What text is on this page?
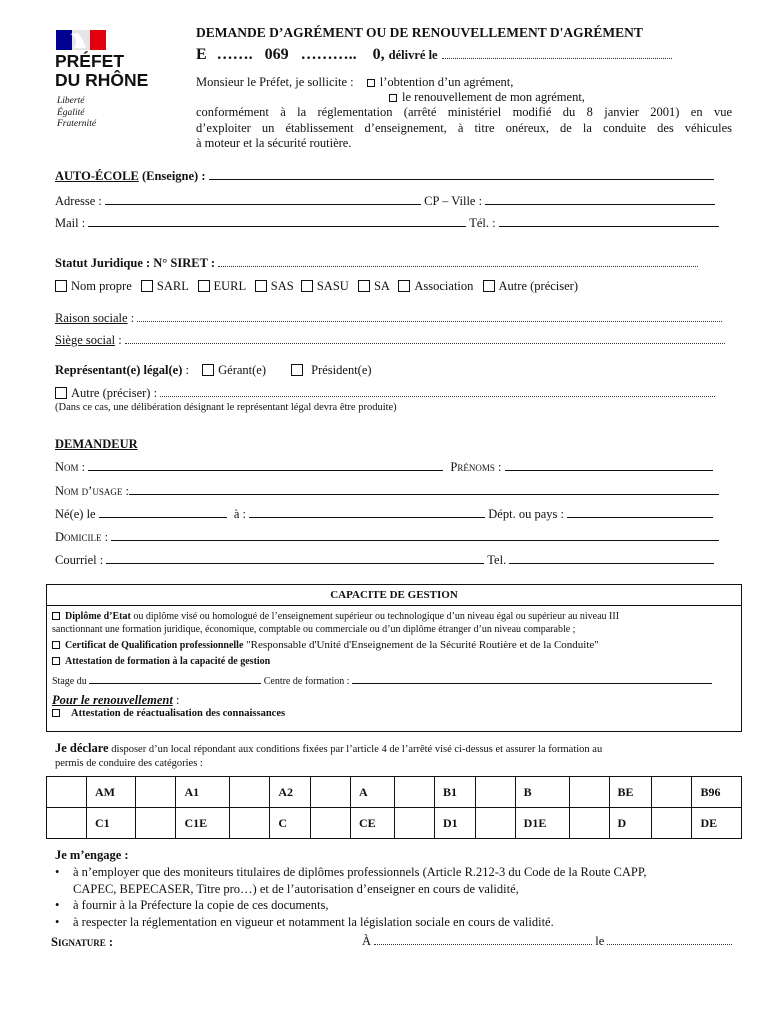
PRÉFET
DU RHÔNE
Liberté
Égalité
Fraternité
DEMANDE D’AGRÉMENT OU DE RENOUVELLEMENT D'AGRÉMENT
E ……. 069 ……….. 0, délivré le
Monsieur le Préfet, je sollicite : l’obtention d’un agrément,
le renouvellement de mon agrément,
conformément à la réglementation (arrêté ministériel modifié du 8 janvier 2001) en vue
d’exploiter un établissement d’enseignement, à titre onéreux, de la conduite des véhicules
à moteur et la sécurité routière.
AUTO-ÉCOLE (Enseigne) :
Adresse :	CP – Ville :
Mail :	Tél. :
Statut Juridique : N° SIRET :
Nom propre SARL EURL SAS SASU SA Association Autre (préciser)
Raison sociale :
Siège social :
Représentant(e) légal(e) : Gérant(e)	Président(e)
Autre (préciser) :
(Dans ce cas, une délibération désignant le représentant légal devra être produite)
DEMANDEUR
Nom :	Prénoms :
Nom d’usage :
Né(e) le	à :	Dépt. ou pays :
Domicile :
Courriel :	Tel.
CAPACITE DE GESTION
Diplôme d’Etat ou diplôme visé ou homologué de l’enseignement supérieur ou technologique d’un niveau égal ou supérieur au niveau III
sanctionnant une formation juridique, économique, comptable ou commerciale ou d’un diplôme étranger d’un niveau comparable ;
Certificat de Qualification professionnelle "Responsable d'Unité d'Enseignement de la Sécurité Routière et de la Conduite"
Attestation de formation à la capacité de gestion
Stage du	Centre de formation :
Pour le renouvellement :
Attestation de réactualisation des connaissances
Je déclare disposer d’un local répondant aux conditions fixées par l’article 4 de l’arrêté visé ci-dessus et assurer la formation au
permis de conduire des catégories :
	AM		A1		A2		A		B1		B		BE		B96
	C1		C1E		C		CE		D1		D1E		D		DE
Je m’engage :
• à n’employer que des moniteurs titulaires de diplômes professionnels (Article R.212-3 du Code de la Route CAPP,
CAPEC, BEPECASER, Titre pro…) et de l’autorisation d’enseigner en cours de validité,
• à fournir à la Préfecture la copie de ces documents,
• à respecter la réglementation en vigueur et notamment la législation sociale en cours de validité.
Signature :	À	le
